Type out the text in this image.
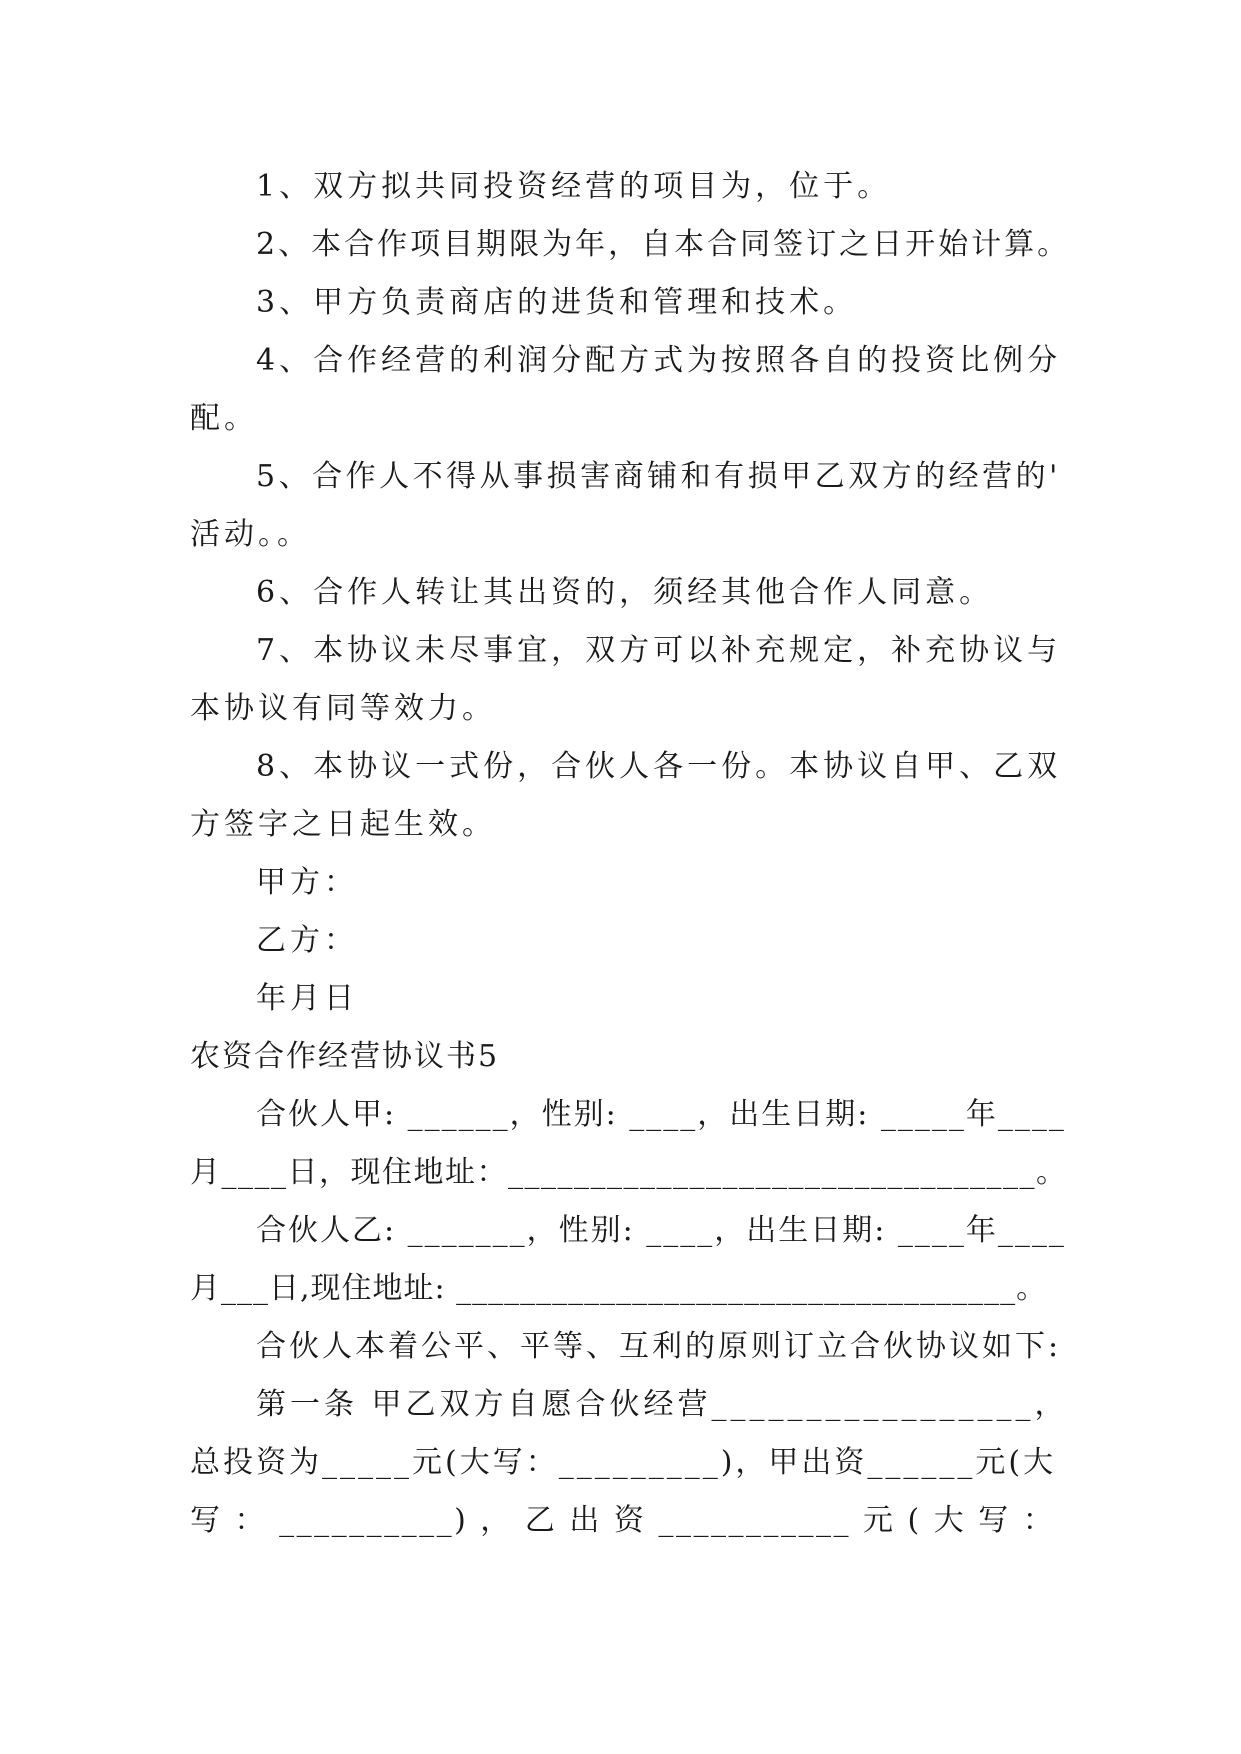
1、双方拟共同投资经营的项目为，位于。
2、本合作项目期限为年，自本合同签订之日开始计算。
3、甲方负责商店的进货和管理和技术。
4、合作经营的利润分配方式为按照各自的投资比例分
配。
5、合作人不得从事损害商铺和有损甲乙双方的经营的'
活动。。
6、合作人转让其出资的，须经其他合作人同意。
7、本协议未尽事宜，双方可以补充规定，补充协议与
本协议有同等效力。
8、本协议一式份，合伙人各一份。本协议自甲、乙双
方签字之日起生效。
甲方：
乙方：
年月日
农资合作经营协议书5
合伙人甲: ______，性别: ____，出生日期: _____年____
月____日，现住地址：________________________________。
合伙人乙: _______，性别: ____，出生日期: ____年____
月___日,现住地址: ___________________________________。
合伙人本着公平、平等、互利的原则订立合伙协议如下:
第一条 甲乙双方自愿合伙经营_________________，
总投资为_____元(大写：_________)，甲出资______元(大
写 ： __________) ， 乙 出 资 ___________ 元 ( 大 写 ：
